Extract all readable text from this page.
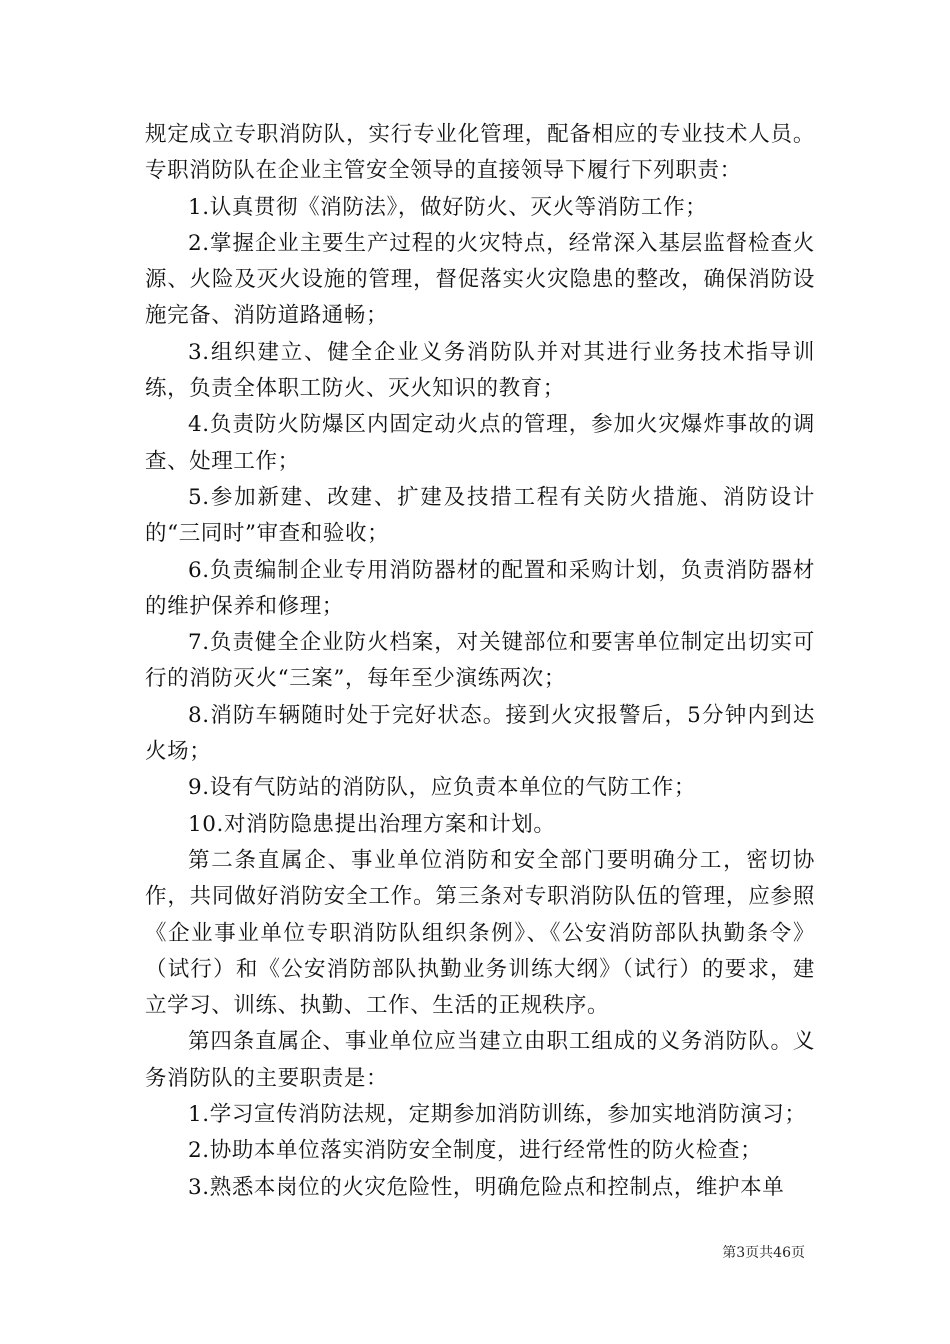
规定成立专职消防队，实行专业化管理，配备相应的专业技术人员。专职消防队在企业主管安全领导的直接领导下履行下列职责：

1.认真贯彻《消防法》，做好防火、灭火等消防工作；

2.掌握企业主要生产过程的火灾特点，经常深入基层监督检查火源、火险及灭火设施的管理，督促落实火灾隐患的整改，确保消防设施完备、消防道路通畅；

3.组织建立、健全企业义务消防队并对其进行业务技术指导训练，负责全体职工防火、灭火知识的教育；

4.负责防火防爆区内固定动火点的管理，参加火灾爆炸事故的调查、处理工作；

5.参加新建、改建、扩建及技措工程有关防火措施、消防设计的“三同时”审查和验收；

6.负责编制企业专用消防器材的配置和采购计划，负责消防器材的维护保养和修理；

7.负责健全企业防火档案，对关键部位和要害单位制定出切实可行的消防灭火“三案”，每年至少演练两次；

8.消防车辆随时处于完好状态。接到火灾报警后，5分钟内到达火场；

9.设有气防站的消防队，应负责本单位的气防工作；

10.对消防隐患提出治理方案和计划。

第二条直属企、事业单位消防和安全部门要明确分工，密切协作，共同做好消防安全工作。第三条对专职消防队伍的管理，应参照《企业事业单位专职消防队组织条例》、《公安消防部队执勤条令》（试行）和《公安消防部队执勤业务训练大纲》（试行）的要求，建立学习、训练、执勤、工作、生活的正规秩序。

第四条直属企、事业单位应当建立由职工组成的义务消防队。义务消防队的主要职责是：

1.学习宣传消防法规，定期参加消防训练，参加实地消防演习；

2.协助本单位落实消防安全制度，进行经常性的防火检查；

3.熟悉本岗位的火灾危险性，明确危险点和控制点，维护本单

第3页共46页
